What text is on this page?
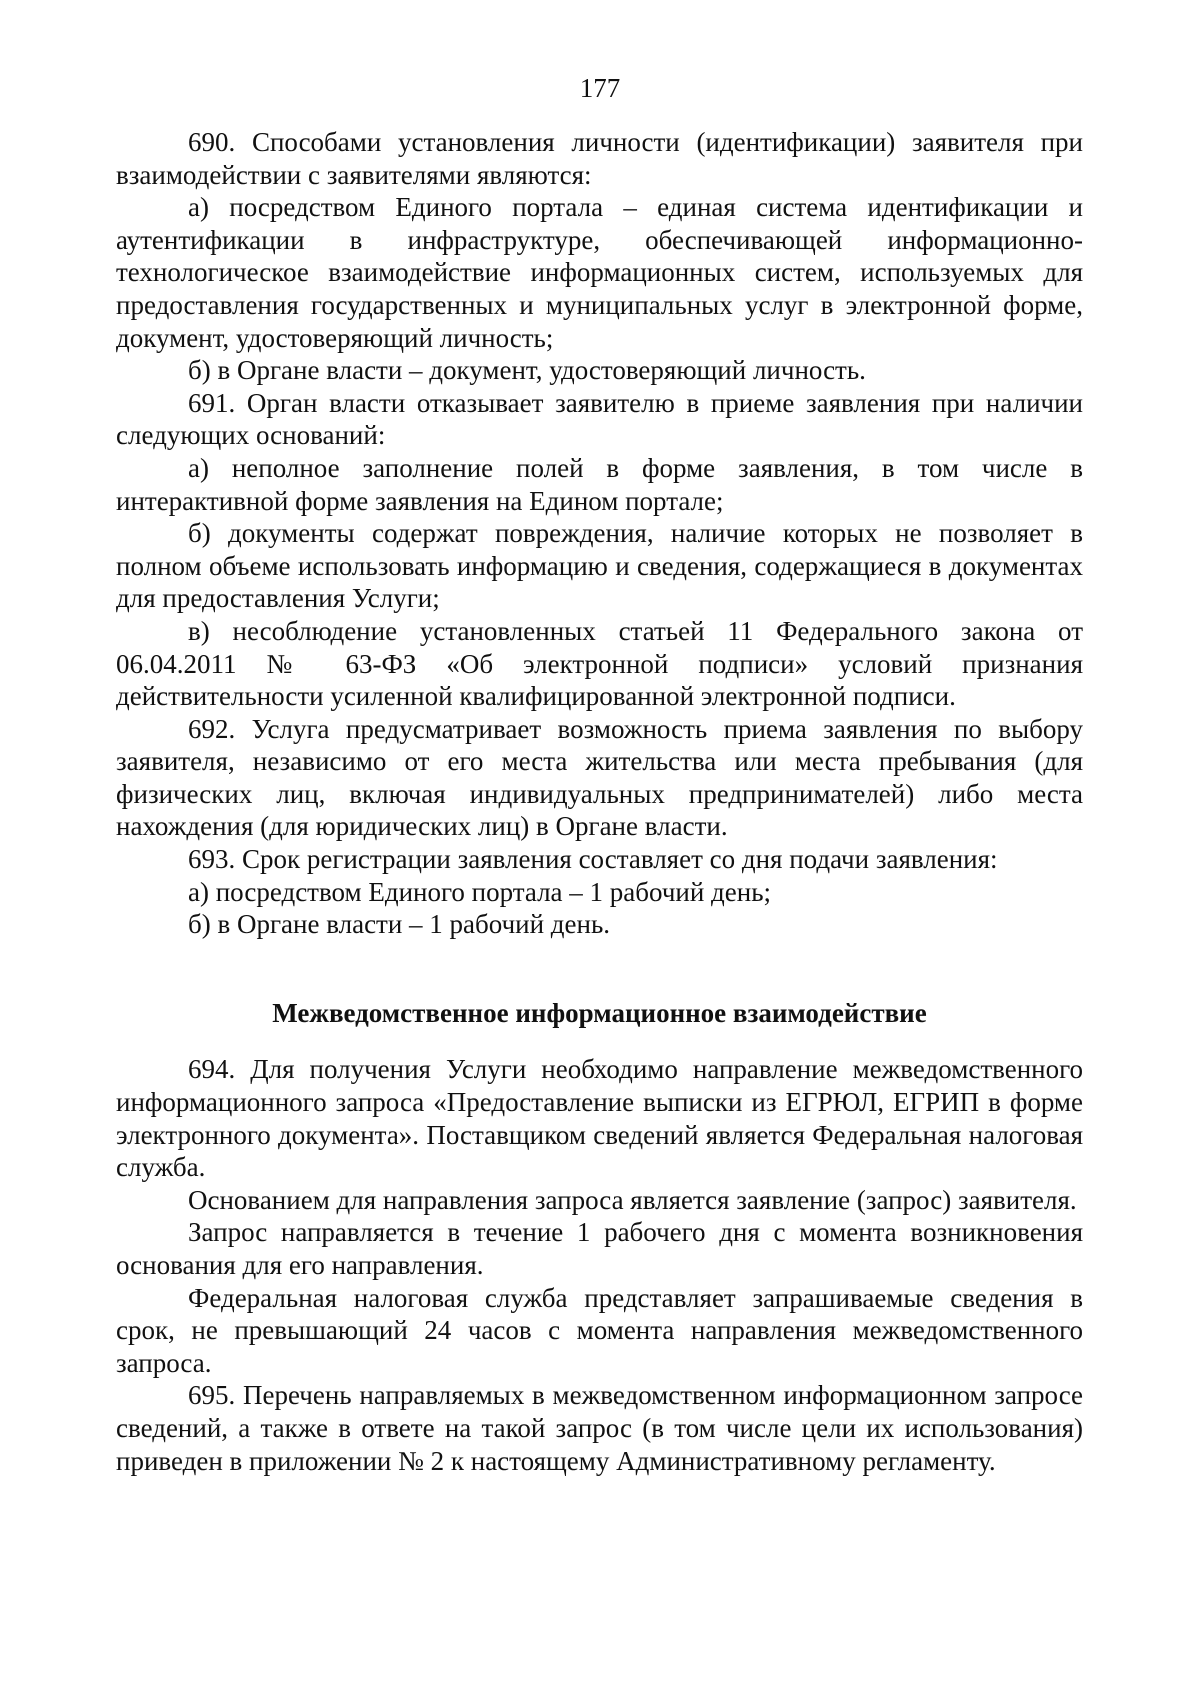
177

690. Способами установления личности (идентификации) заявителя при взаимодействии с заявителями являются:

а) посредством Единого портала – единая система идентификации и аутентификации в инфраструктуре, обеспечивающей информационно-технологическое взаимодействие информационных систем, используемых для предоставления государственных и муниципальных услуг в электронной форме, документ, удостоверяющий личность;

б) в Органе власти – документ, удостоверяющий личность.

691. Орган власти отказывает заявителю в приеме заявления при наличии следующих оснований:

а) неполное заполнение полей в форме заявления, в том числе в интерактивной форме заявления на Едином портале;

б) документы содержат повреждения, наличие которых не позволяет в полном объеме использовать информацию и сведения, содержащиеся в документах для предоставления Услуги;

в) несоблюдение установленных статьей 11 Федерального закона от 06.04.2011 № 63-ФЗ «Об электронной подписи» условий признания действительности усиленной квалифицированной электронной подписи.

692. Услуга предусматривает возможность приема заявления по выбору заявителя, независимо от его места жительства или места пребывания (для физических лиц, включая индивидуальных предпринимателей) либо места нахождения (для юридических лиц) в Органе власти.

693. Срок регистрации заявления составляет со дня подачи заявления:

а) посредством Единого портала – 1 рабочий день;

б) в Органе власти – 1 рабочий день.

Межведомственное информационное взаимодействие

694. Для получения Услуги необходимо направление межведомственного информационного запроса «Предоставление выписки из ЕГРЮЛ, ЕГРИП в форме электронного документа». Поставщиком сведений является Федеральная налоговая служба.

Основанием для направления запроса является заявление (запрос) заявителя.

Запрос направляется в течение 1 рабочего дня с момента возникновения основания для его направления.

Федеральная налоговая служба представляет запрашиваемые сведения в срок, не превышающий 24 часов с момента направления межведомственного запроса.

695. Перечень направляемых в межведомственном информационном запросе сведений, а также в ответе на такой запрос (в том числе цели их использования) приведен в приложении № 2 к настоящему Административному регламенту.
